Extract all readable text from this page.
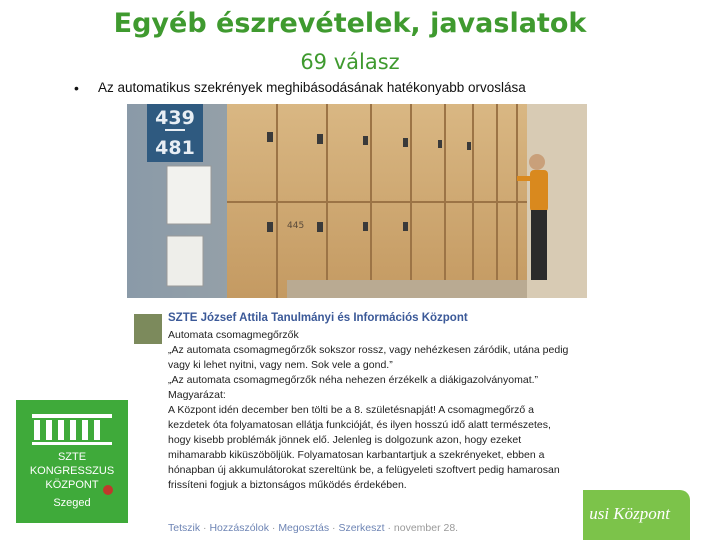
Egyéb észrevételek, javaslatok
69 válasz
• Az automatikus szekrények meghibásodásának hatékonyabb orvoslása
439
481
445
SZTE
KONGRESSZUS
KÖZPONT
Szeged
usi Központ
SZTE József Attila Tanulmányi és Információs Központ
Automata csomagmegőrzők
„Az automata csomagmegőrzők sokszor rossz, vagy nehézkesen záródik, utána pedig
vagy ki lehet nyitni, vagy nem. Sok vele a gond.”
„Az automata csomagmegőrzők néha nehezen érzékelk a diákigazolványomat.”
Magyarázat:
A Központ idén december ben tölti be a 8. születésnapját! A csomagmegőrző a
kezdetek óta folyamatosan ellátja funkcióját, és ilyen hosszú idő alatt természetes,
hogy kisebb problémák jönnek elő. Jelenleg is dolgozunk azon, hogy ezeket
mihamarabb kiküszöböljük. Folyamatosan karbantartjuk a szekrényeket, ebben a
hónapban új akkumulátorokat szereltünk be, a felügyeleti szoftvert pedig hamarosan
frissíteni fogjuk a biztonságos működés érdekében.
Tetszik · Hozzászólok · Megosztás · Szerkeszt · november 28.
